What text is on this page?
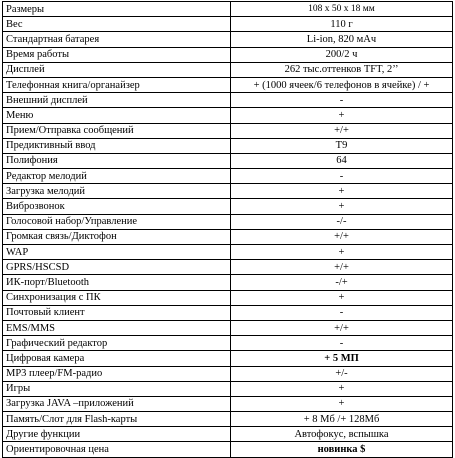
Размеры	108 x 50 x 18 мм
Вес	110 г
Стандартная батарея	Li-ion, 820 мАч
Время работы	200/2 ч
Дисплей	262 тыс.оттенков TFT, 2’’
Телефонная книга/органайзер	+ (1000 ячеек/6 телефонов в ячейке) / +
Внешний дисплей	-
Меню	+
Прием/Отправка сообщений	+/+
Предиктивный ввод	T9
Полифония	64
Редактор мелодий	-
Загрузка мелодий	+
Виброзвонок	+
Голосовой набор/Управление	-/-
Громкая связь/Диктофон	+/+
WAP	+
GPRS/HSCSD	+/+
ИК-порт/Bluetooth	-/+
Синхронизация с ПК	+
Почтовый клиент	-
EMS/MMS	+/+
Графический редактор	-
Цифровая камера	+ 5 МП
MP3 плеер/FM-радио	+/-
Игры	+
Загрузка JAVA –приложений	+
Память/Слот для Flash-карты	+ 8 Мб /+ 128Мб
Другие функции	Автофокус, вспышка
Ориентировочная цена	новинка $
